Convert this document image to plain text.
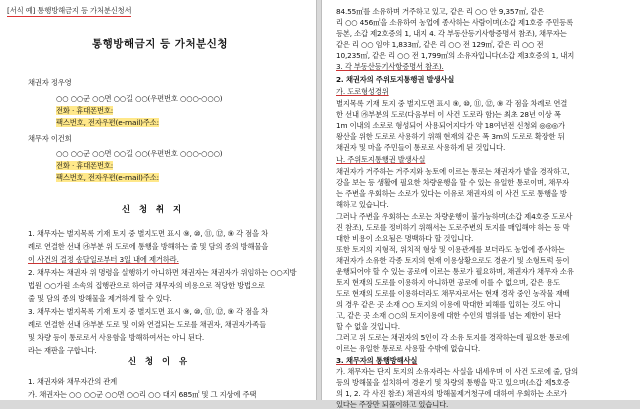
[서식 예] 통행방해금지 등 가처분신청서
통행방해금지 등 가처분신청
채권자 정우영
○○ ○○군 ○○면 ○○길 ○○(우편번호 ○○○-○○○)
전화 · 휴대폰번호:
팩스번호, 전자우편(e-mail)주소:
채무자 이건희
○○ ○○군 ○○면 ○○길 ○○(우편번호 ○○○-○○○)
전화 · 휴대폰번호:
팩스번호, 전자우편(e-mail)주소:
신 청 취 지
1. 채무자는 별지목록 기재 토지 중 별지도면 표시 ⑨, ⑩, ⑪, ⑫, ⑨ 각 점을 차
례로 연결한 선내 ㉮부분 위 도로에 통행을 방해하는 줄 및 담의 종의 방해물을
이 사건의 결정 송달일로부터 3일 내에 제거하라.
2. 채무자는 채권자 위 명령을 실행하기 아니하면 채권자는 채권자가 위임하는 ○○지방
법원 ○○가원 소속의 집행관으로 하여금 채무자의 비용으로 적당한 방법으로
줄 및 담의 종의 방해물을 제거하게 할 수 있다.
3. 채무자는 별지목록 기재 토지 중 별지도면 표시 ⑨, ⑩, ⑪, ⑫, ⑨ 각 점을 차
례로 연결한 선내 ㉮부분 도로 및 이와 연결되는 도로를 채권자, 채권자가족들
및 차량 등이 통로로서 사용함을 방해하여서는 아니 된다.
라는 재판을 구합니다.
신 청 이 유
1. 채권자와 채무자간의 관계
가. 채권자는 ○○ ○○군 ○○면 ○○리 ○○ 대지 685㎡ 및 그 지상에 주택
84.55㎡를 소유하며 거주하고 있고, 같은 리 ○○ 안 9,357㎡, 같은
리 ○○ 456㎡을 소유하여 농업에 종사하는 사람이며(소갑 제1호증 주민등록
등본, 소갑 제2호증의 1, 내지 4. 각 부동산등기사항증명서 참조), 채무자는
같은 리 ○○ 임야 1,833㎡, 같은 리 ○○ 전 129㎡, 같은 리 ○○ 전
10,235㎡, 같은 리 ○○ 전 1,799㎡의 소유자입니다(소갑 제3호증의 1, 내지
3. 각 부동산등기사항증명서 참조).
2. 채권자의 주위토지통행권 발생사실
가. 도로형성경위
별지목록 기재 토지 중 별지도면 표시 ⑨, ⑩, ⑪, ⑫, ⑨ 각 점을 차례로 연결
한 선내 ㉮부분의 도로(다음부터 이 사건 도로라 함)는 최초 28년 이상 폭
1m 이내의 소로로 형성되어 사용되어지다가 약 18여년전 신청외 ◎◎◎가
왕산을 위한 도로로 사용하기 위해 현재의 같은 폭 3m의 도로로 확장한 뒤
채권자 및 마을 주민들이 통로로 사용하게 된 것입니다.
나. 주위토지통행권 발생사실
채권자가 거주하는 거주지와 농토에 이르는 통로는 채권자가 밭을 경작하고,
강을 보는 등 생활에 필요한 차량운행을 할 수 있는 유일한 통로이며, 채무자
는 주변을 우회하는 소로가 있다는 이유로 채권자의 이 사건 도로 통행을 방
해하고 있습니다.
그러나 주변을 우회하는 소로는 차량운행이 불가능하며(소갑 제4호증 도로사
진 참조), 도로를 정비하기 위해서는 도로주변의 토지를 매입해야 하는 등 막
대한 비용이 소요됨은 명백하다 할 것입니다.
또한 토지의 지형적, 위치적 형상 및 이용관계를 보더라도 농업에 종사하는
채권자가 소유한 각종 토지의 현재 이용상황으로도 경운기 및 소형트럭 등이
운행되어야 할 수 있는 공로에 이르는 통로가 필요하며, 채권자가 채무자 소유
토지 현재의 도로를 이용하지 아니하면 공로에 이를 수 없으며, 같은 용도
도로 현재의 도로를 이용하더라도 채무자로서는 현재 경작 중인 농작물 재배
의 경우 같은 곳 소재 ○○ 토지의 이용에 막대한 피해를 입히는 것도 아니
고, 같은 곳 소재 ○○의 토지이용에 대한 수인의 범위를 넘는 제한이 된다
할 수 없을 것입니다.
그러고 위 도로는 채권자의 5인이 각 소유 토지를 경작하는데 필요한 통로에
이르는 유일한 통로로 사용할 수밖에 없습니다.
3. 채무자의 통행방해사실
가. 채무자는 단지 토지의 소유자라는 사실을 내세우며 이 사건 도로에 줄, 담의
등의 방해물을 설치하여 경운기 및 차량의 통행을 막고 있으며(소갑 제5호증
의 1, 2. 각 사진 참조) 채권자의 방해물제거청구에 대하여 우회하는 소로가
있다는 주장만 되풀이하고 있습니다.
